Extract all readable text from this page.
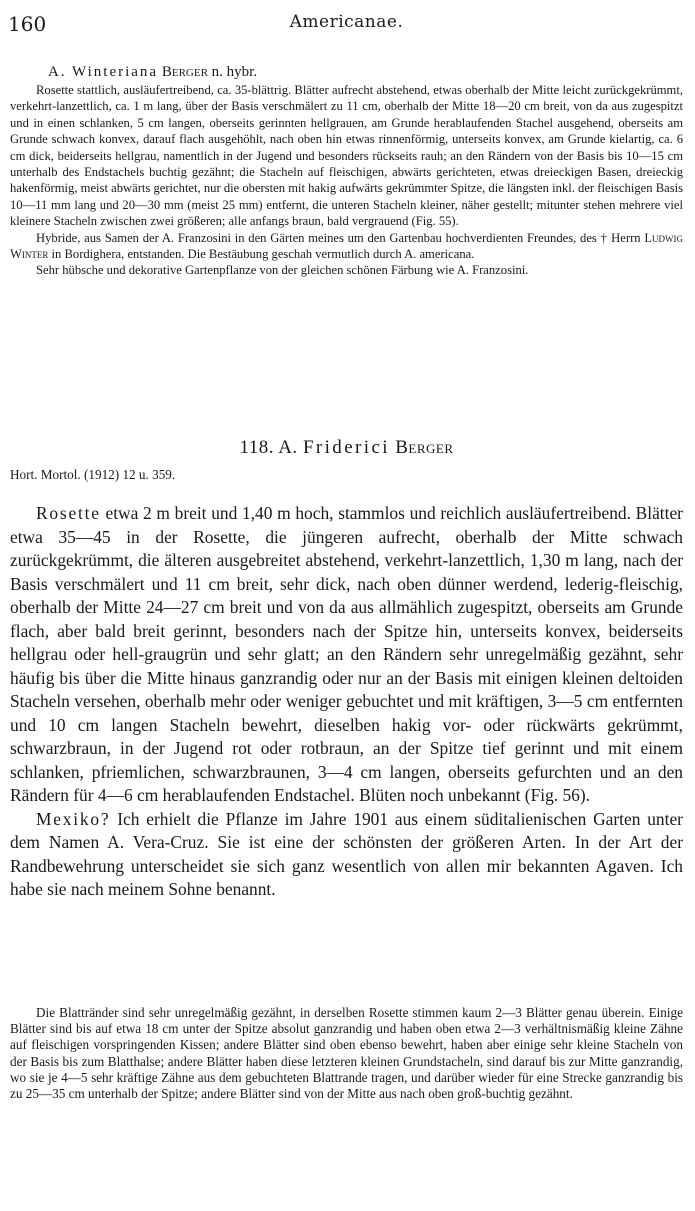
160	Americanae.
A. Winteriana Berger n. hybr.

Rosette stattlich, ausläufertreibend, ca. 35-blättrig. Blätter aufrecht abstehend, etwas oberhalb der Mitte leicht zurückgekrümmt, verkehrt-lanzettlich, ca. 1 m lang, über der Basis verschmälert zu 11 cm, oberhalb der Mitte 18—20 cm breit, von da aus zugespitzt und in einen schlanken, 5 cm langen, oberseits gerinnten hellgrauen, am Grunde herablaufenden Stachel ausgehend, oberseits am Grunde schwach konvex, darauf flach ausgehöhlt, nach oben hin etwas rinnenförmig, unterseits konvex, am Grunde kielartig, ca. 6 cm dick, beiderseits hellgrau, namentlich in der Jugend und besonders rückseits rauh; an den Rändern von der Basis bis 10—15 cm unterhalb des Endstachels buchtig gezähnt; die Stacheln auf fleischigen, abwärts gerichteten, etwas dreieckigen Basen, dreieckig hakenförmig, meist abwärts gerichtet, nur die obersten mit hakig aufwärts gekrümmter Spitze, die längsten inkl. der fleischigen Basis 10—11 mm lang und 20—30 mm (meist 25 mm) entfernt, die unteren Stacheln kleiner, näher gestellt; mitunter stehen mehrere viel kleinere Stacheln zwischen zwei größeren; alle anfangs braun, bald vergrauend (Fig. 55).

Hybride, aus Samen der A. Franzosini in den Gärten meines um den Gartenbau hochverdienten Freundes, des † Herrn Ludwig Winter in Bordighera, entstanden. Die Bestäubung geschah vermutlich durch A. americana.

Sehr hübsche und dekorative Gartenpflanze von der gleichen schönen Färbung wie A. Franzosini.

118. A. Friderici Berger
Hort. Mortol. (1912) 12 u. 359.

Rosette etwa 2 m breit und 1,40 m hoch, stammlos und reichlich ausläufertreibend. Blätter etwa 35—45 in der Rosette, die jüngeren aufrecht, oberhalb der Mitte schwach zurückgekrümmt, die älteren ausgebreitet abstehend, verkehrt-lanzettlich, 1,30 m lang, nach der Basis verschmälert und 11 cm breit, sehr dick, nach oben dünner werdend, lederig-fleischig, oberhalb der Mitte 24—27 cm breit und von da aus allmählich zugespitzt, oberseits am Grunde flach, aber bald breit gerinnt, besonders nach der Spitze hin, unterseits konvex, beiderseits hellgrau oder hell-graugrün und sehr glatt; an den Rändern sehr unregelmäßig gezähnt, sehr häufig bis über die Mitte hinaus ganzrandig oder nur an der Basis mit einigen kleinen deltoiden Stacheln versehen, oberhalb mehr oder weniger gebuchtet und mit kräftigen, 3—5 cm entfernten und 10 cm langen Stacheln bewehrt, dieselben hakig vor- oder rückwärts gekrümmt, schwarzbraun, in der Jugend rot oder rotbraun, an der Spitze tief gerinnt und mit einem schlanken, pfriemlichen, schwarzbraunen, 3—4 cm langen, oberseits gefurchten und an den Rändern für 4—6 cm herablaufenden Endstachel. Blüten noch unbekannt (Fig. 56).

Mexiko? Ich erhielt die Pflanze im Jahre 1901 aus einem süditalienischen Garten unter dem Namen A. Vera-Cruz. Sie ist eine der schönsten der größeren Arten. In der Art der Randbewehrung unterscheidet sie sich ganz wesentlich von allen mir bekannten Agaven. Ich habe sie nach meinem Sohne benannt.

Die Blattränder sind sehr unregelmäßig gezähnt, in derselben Rosette stimmen kaum 2—3 Blätter genau überein. Einige Blätter sind bis auf etwa 18 cm unter der Spitze absolut ganzrandig und haben oben etwa 2—3 verhältnismäßig kleine Zähne auf fleischigen vorspringenden Kissen; andere Blätter sind oben ebenso bewehrt, haben aber einige sehr kleine Stacheln von der Basis bis zum Blatthalse; andere Blätter haben diese letzteren kleinen Grundstacheln, sind darauf bis zur Mitte ganzrandig, wo sie je 4—5 sehr kräftige Zähne aus dem gebuchteten Blattrande tragen, und darüber wieder für eine Strecke ganzrandig bis zu 25—35 cm unterhalb der Spitze; andere Blätter sind von der Mitte aus nach oben groß-buchtig gezähnt.
